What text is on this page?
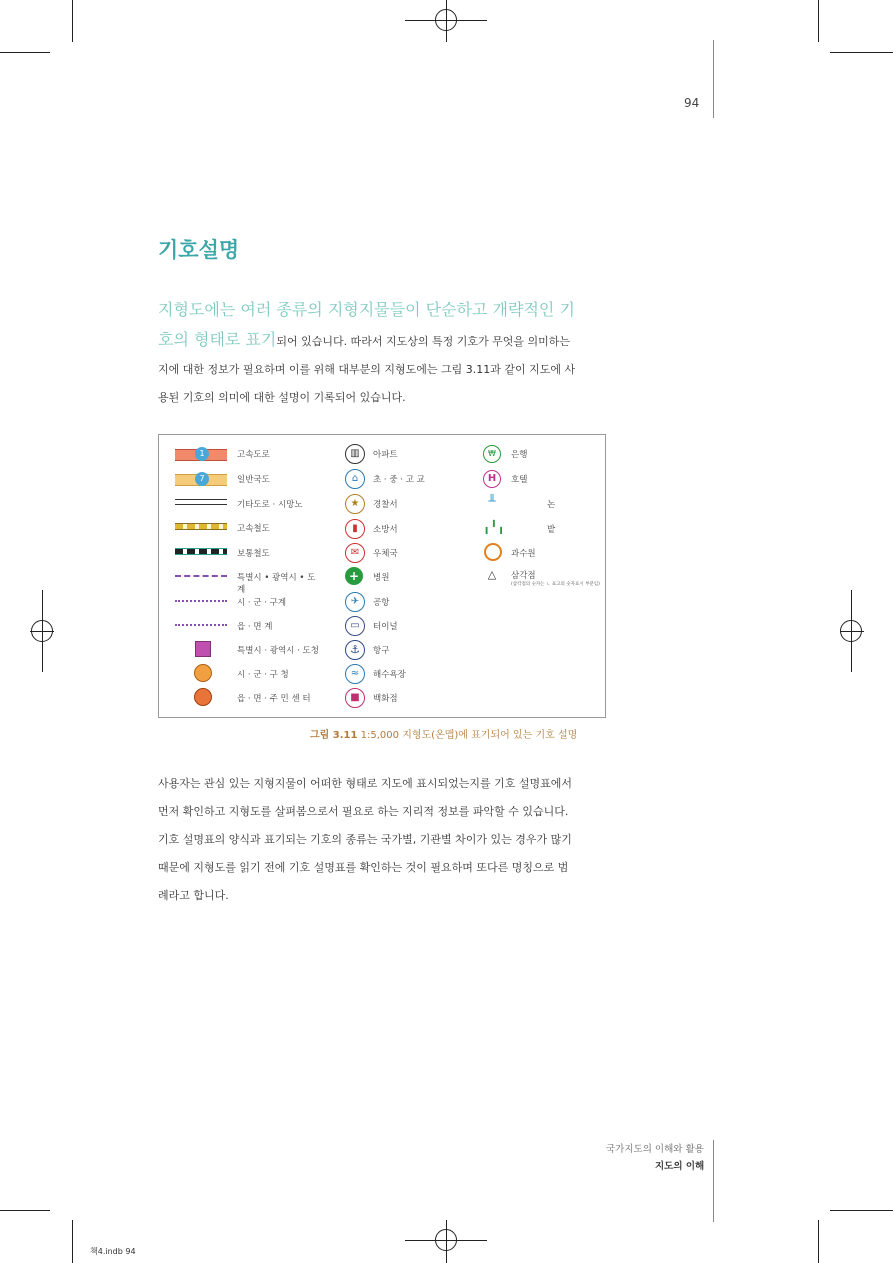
94
기호설명
지형도에는 여러 종류의 지형지물들이 단순하고 개략적인 기호의 형태로 표기되어 있습니다. 따라서 지도상의 특정 기호가 무엇을 의미하는지에 대한 정보가 필요하며 이를 위해 대부분의 지형도에는 그림 3.11과 같이 지도에 사용된 기호의 의미에 대한 설명이 기록되어 있습니다.
1
7
고속도로
일반국도
기타도로 · 시망노
고속철도
보통철도
특별시 • 광역시 • 도계
시 · 군 · 구계
읍 · 면 계
특별시 · 광역시 · 도청
시 · 군 · 구 청
읍 · 면 · 주 민 센 터
▥
⌂
★
▮
✉
+
✈
▭
⚓
≈
■
아파트
초 · 중 · 고 교
경찰서
소방서
우체국
병원
공항
터이널
항구
해수욕장
백화점
₩
H
╨
╻╹╻
△
은행
호텔
논
밭
과수원
삼각점
(삼각점의 숫자는 ㄴ 표고의 숫자표시 부분임)
그림 3.11 1:5,000 지형도(온맵)에 표기되어 있는 기호 설명
사용자는 관심 있는 지형지물이 어떠한 형태로 지도에 표시되었는지를 기호 설명표에서 먼저 확인하고 지형도를 살펴봄으로서 필요로 하는 지리적 정보를 파악할 수 있습니다. 기호 설명표의 양식과 표기되는 기호의 종류는 국가별, 기관별 차이가 있는 경우가 많기 때문에 지형도를 읽기 전에 기호 설명표를 확인하는 것이 필요하며 또다른 명칭으로 범례라고 합니다.
국가지도의 이해와 활용
지도의 이해
책4.indb 94
